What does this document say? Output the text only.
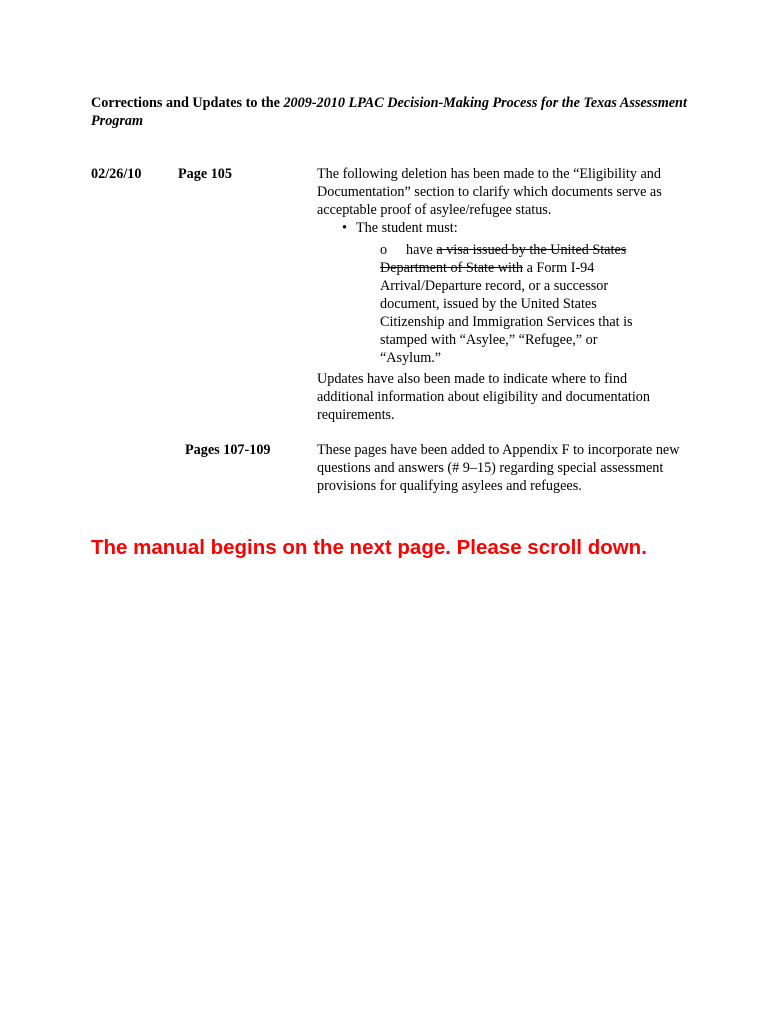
Corrections and Updates to the 2009-2010 LPAC Decision-Making Process for the Texas Assessment Program
02/26/10	Page 105	The following deletion has been made to the “Eligibility and Documentation” section to clarify which documents serve as acceptable proof of asylee/refugee status.
• The student must:
o have a visa issued by the United States Department of State with a Form I-94 Arrival/Departure record, or a successor document, issued by the United States Citizenship and Immigration Services that is stamped with “Asylee,” “Refugee,” or “Asylum.”
Updates have also been made to indicate where to find additional information about eligibility and documentation requirements.
Pages 107-109	These pages have been added to Appendix F to incorporate new questions and answers (# 9–15) regarding special assessment provisions for qualifying asylees and refugees.
The manual begins on the next page. Please scroll down.
